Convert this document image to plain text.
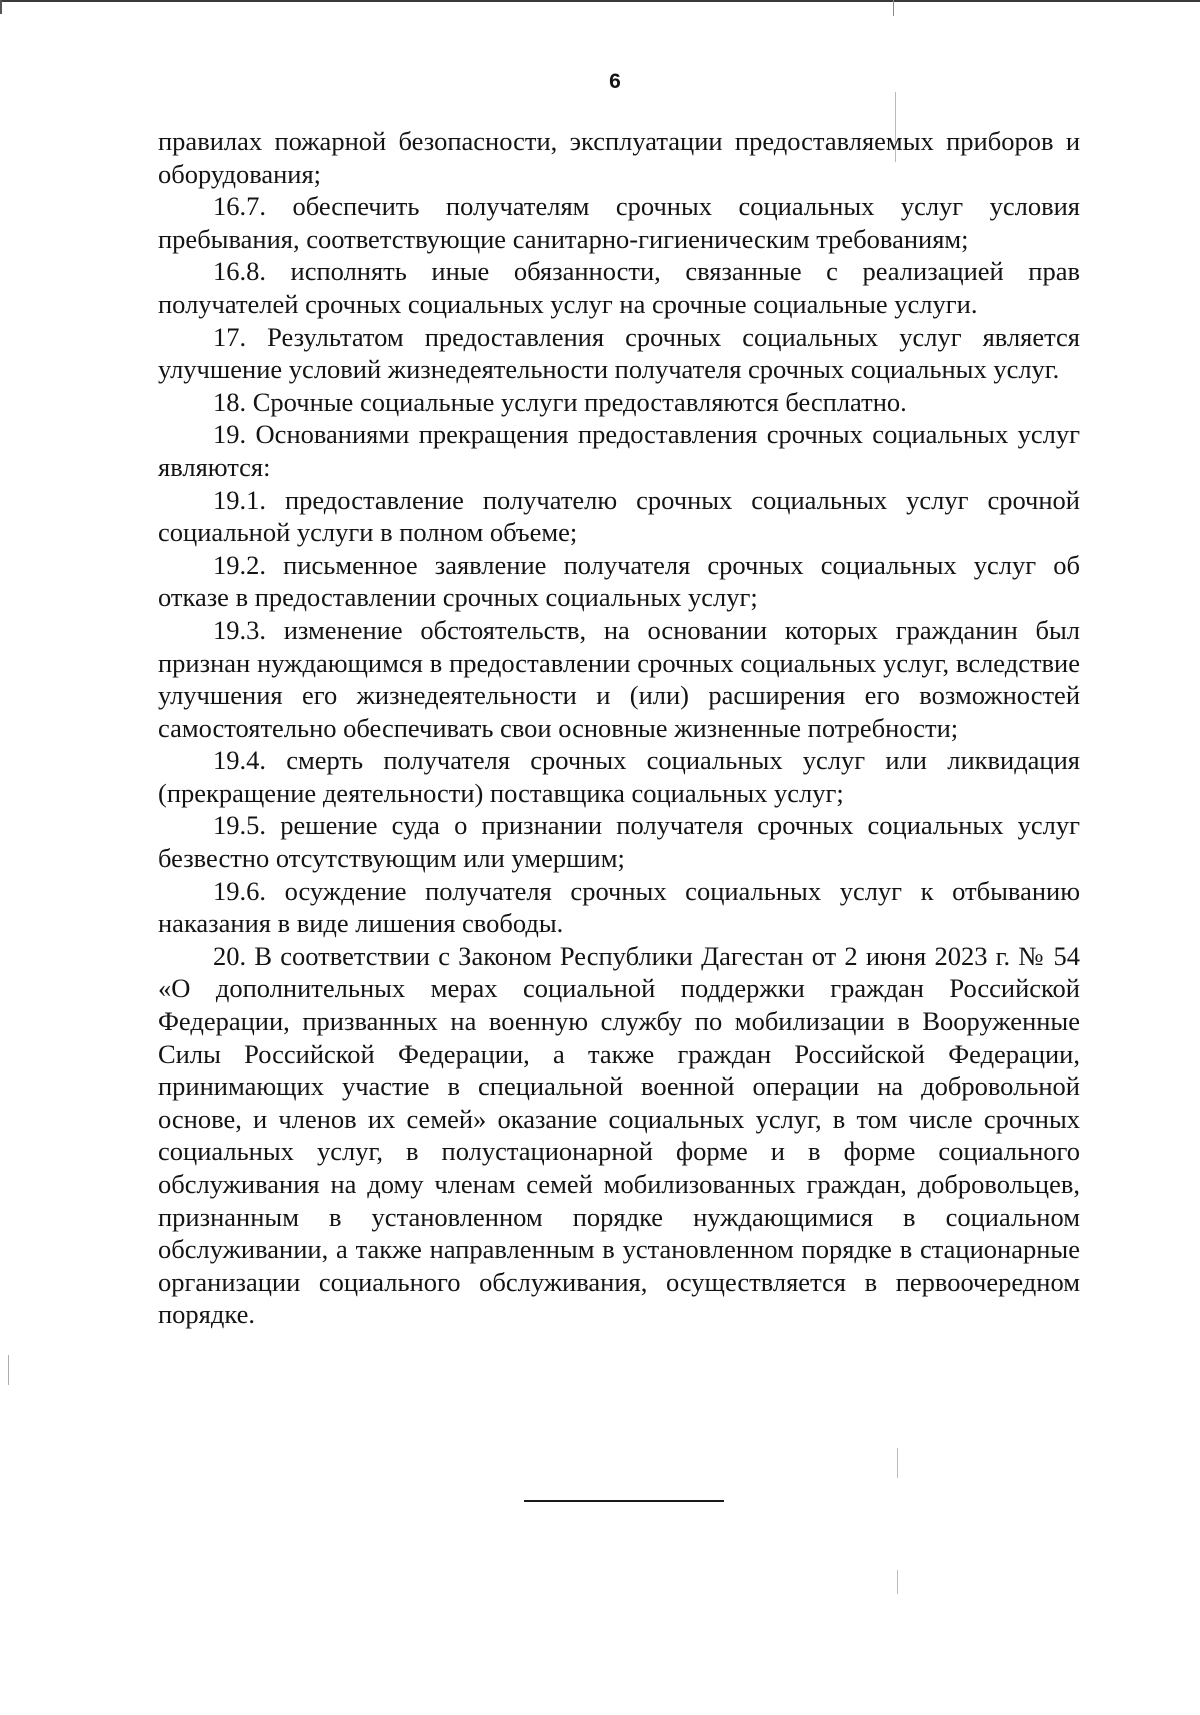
6

правилах пожарной безопасности, эксплуатации предоставляемых приборов и оборудования;

16.7. обеспечить получателям срочных социальных услуг условия пребывания, соответствующие санитарно-гигиеническим требованиям;

16.8. исполнять иные обязанности, связанные с реализацией прав получателей срочных социальных услуг на срочные социальные услуги.

17. Результатом предоставления срочных социальных услуг является улучшение условий жизнедеятельности получателя срочных социальных услуг.

18. Срочные социальные услуги предоставляются бесплатно.

19. Основаниями прекращения предоставления срочных социальных услуг являются:

19.1. предоставление получателю срочных социальных услуг срочной социальной услуги в полном объеме;

19.2. письменное заявление получателя срочных социальных услуг об отказе в предоставлении срочных социальных услуг;

19.3. изменение обстоятельств, на основании которых гражданин был признан нуждающимся в предоставлении срочных социальных услуг, вследствие улучшения его жизнедеятельности и (или) расширения его возможностей самостоятельно обеспечивать свои основные жизненные потребности;

19.4. смерть получателя срочных социальных услуг или ликвидация (прекращение деятельности) поставщика социальных услуг;

19.5. решение суда о признании получателя срочных социальных услуг безвестно отсутствующим или умершим;

19.6. осуждение получателя срочных социальных услуг к отбыванию наказания в виде лишения свободы.

20. В соответствии с Законом Республики Дагестан от 2 июня 2023 г. № 54 «О дополнительных мерах социальной поддержки граждан Российской Федерации, призванных на военную службу по мобилизации в Вооруженные Силы Российской Федерации, а также граждан Российской Федерации, принимающих участие в специальной военной операции на добровольной основе, и членов их семей» оказание социальных услуг, в том числе срочных социальных услуг, в полустационарной форме и в форме социального обслуживания на дому членам семей мобилизованных граждан, добровольцев, признанным в установленном порядке нуждающимися в социальном обслуживании, а также направленным в установленном порядке в стационарные организации социального обслуживания, осуществляется в первоочередном порядке.
